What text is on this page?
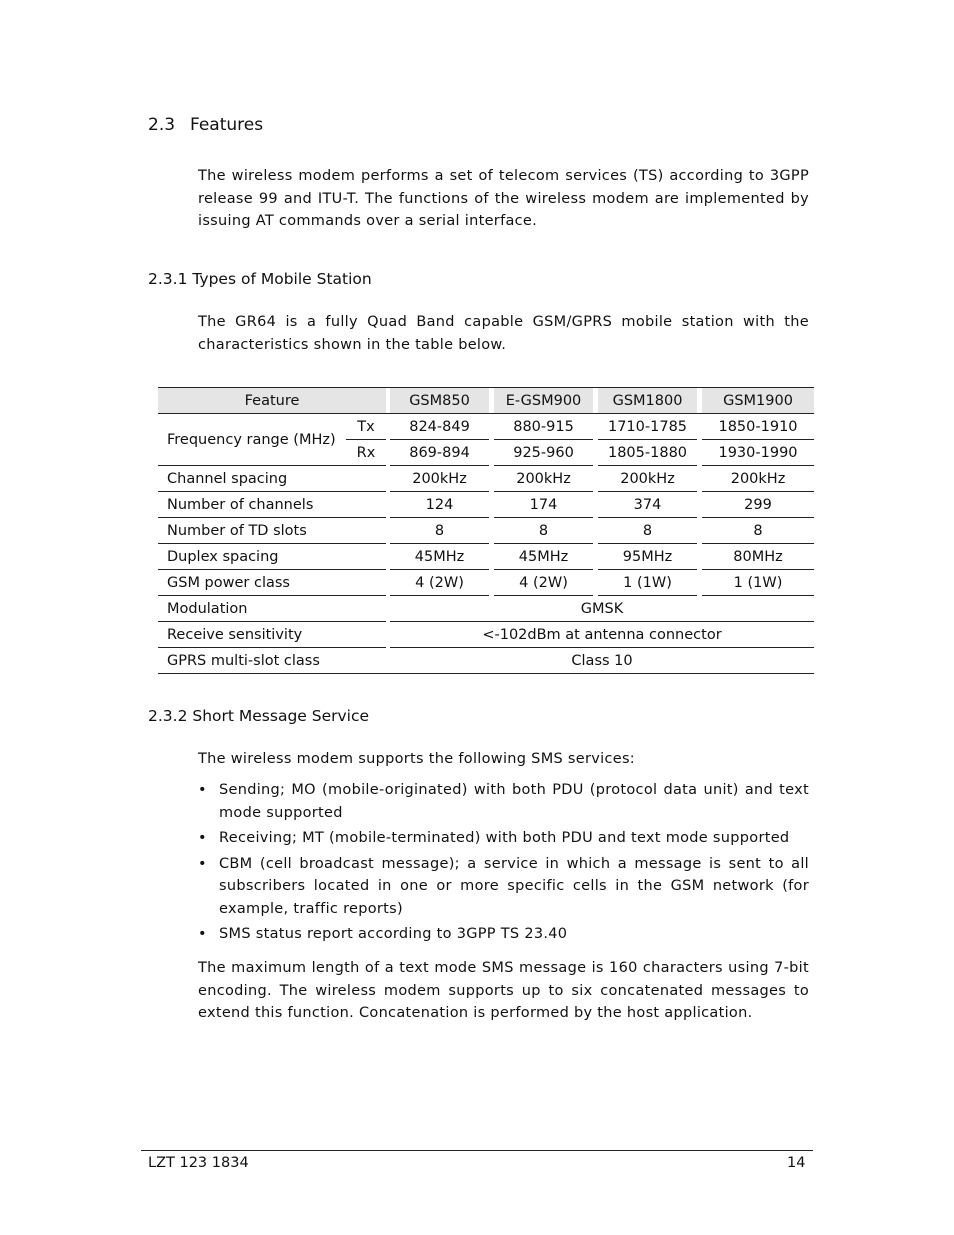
2.3 Features
The wireless modem performs a set of telecom services (TS) according to 3GPP release 99 and ITU-T. The functions of the wireless modem are implemented by issuing AT commands over a serial interface.
2.3.1 Types of Mobile Station
The GR64 is a fully Quad Band capable GSM/GPRS mobile station with the characteristics shown in the table below.
Feature			GSM850		E-GSM900		GSM1800		GSM1900
Frequency range (MHz)	Tx		824-849		880-915		1710-1785		1850-1910
	Rx		869-894		925-960		1805-1880		1930-1990
Channel spacing			200kHz		200kHz		200kHz		200kHz
Number of channels			124		174		374		299
Number of TD slots			8		8		8		8
Duplex spacing			45MHz		45MHz		95MHz		80MHz
GSM power class			4 (2W)		4 (2W)		1 (1W)		1 (1W)
Modulation			GMSK						
Receive sensitivity			<-102dBm at antenna connector						
GPRS multi-slot class			Class 10						
2.3.2 Short Message Service
The wireless modem supports the following SMS services:
• Sending; MO (mobile-originated) with both PDU (protocol data unit) and text mode supported
• Receiving; MT (mobile-terminated) with both PDU and text mode supported
• CBM (cell broadcast message); a service in which a message is sent to all subscribers located in one or more specific cells in the GSM network (for example, traffic reports)
• SMS status report according to 3GPP TS 23.40
The maximum length of a text mode SMS message is 160 characters using 7-bit encoding. The wireless modem supports up to six concatenated messages to extend this function. Concatenation is performed by the host application.
LZT 123 1834	14
